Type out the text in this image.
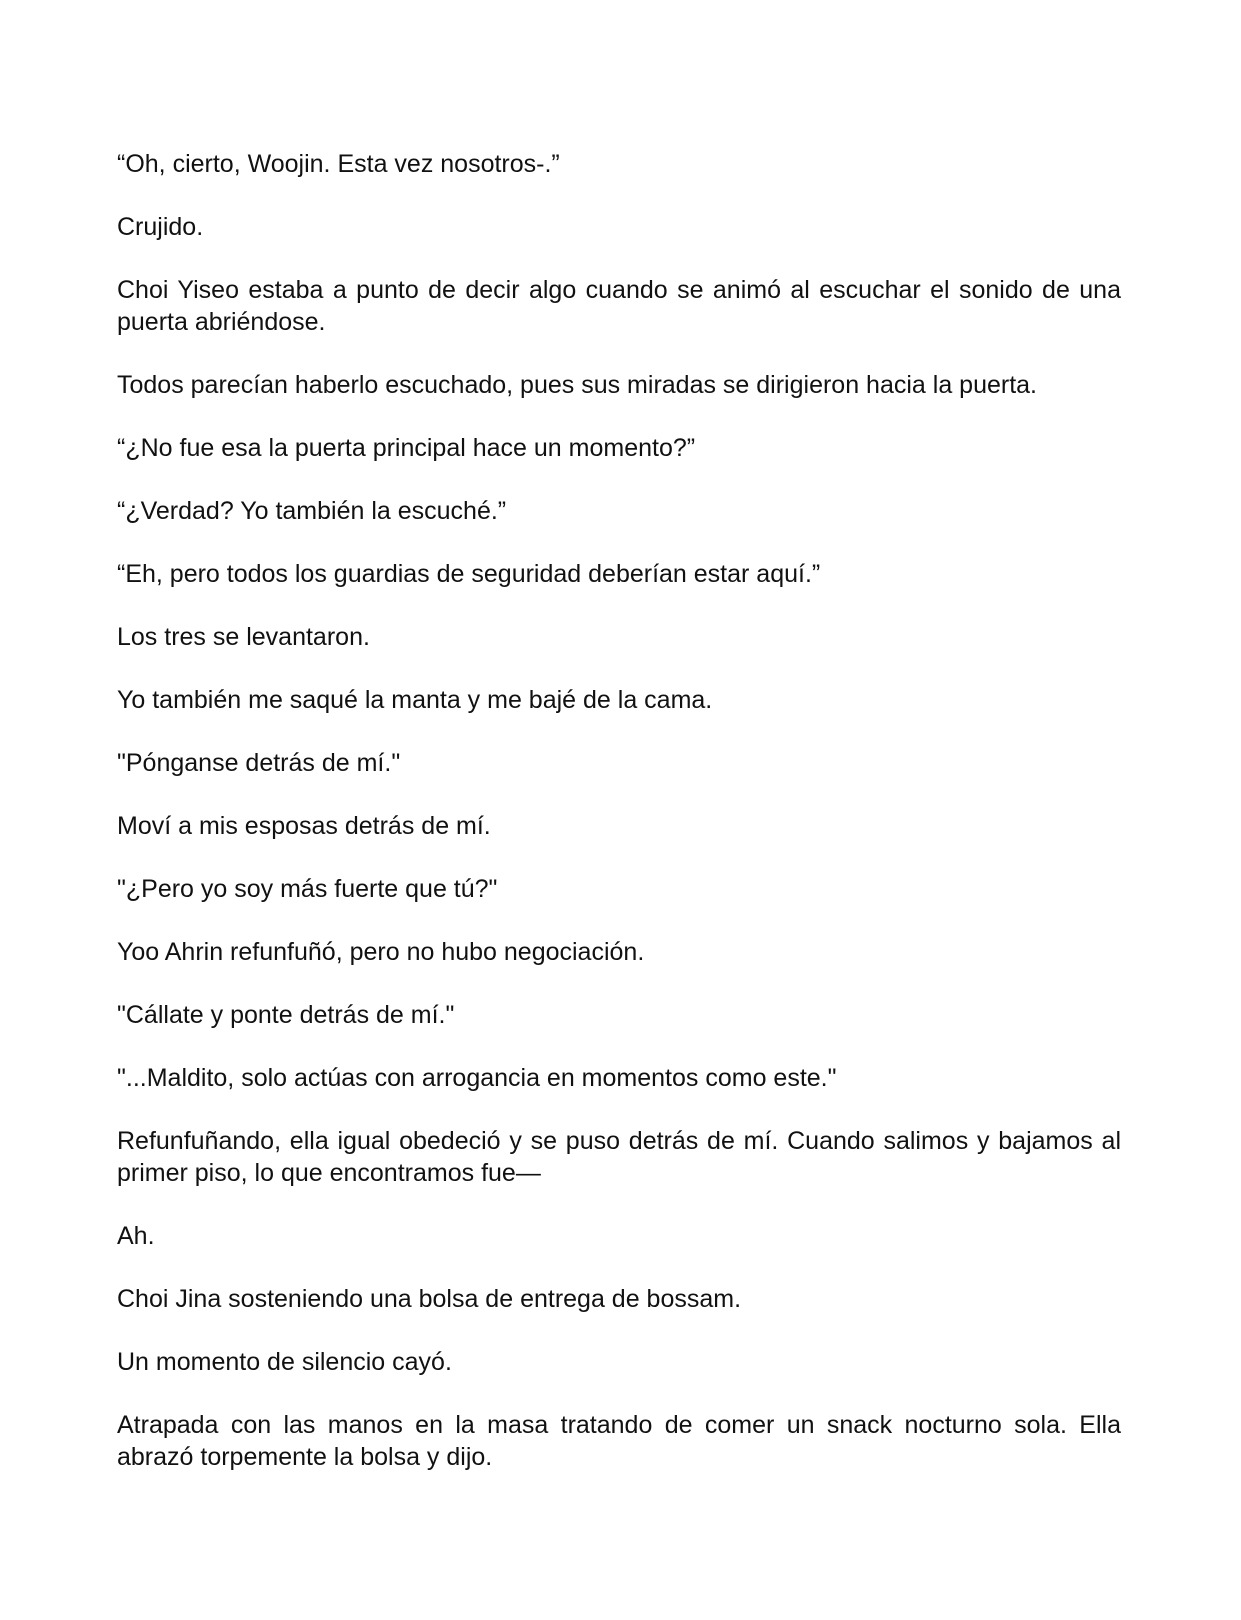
“Oh, cierto, Woojin. Esta vez nosotros-.”

Crujido.

Choi Yiseo estaba a punto de decir algo cuando se animó al escuchar el sonido de una puerta abriéndose.

Todos parecían haberlo escuchado, pues sus miradas se dirigieron hacia la puerta.

“¿No fue esa la puerta principal hace un momento?”

“¿Verdad? Yo también la escuché.”

“Eh, pero todos los guardias de seguridad deberían estar aquí.”

Los tres se levantaron.

Yo también me saqué la manta y me bajé de la cama.

"Pónganse detrás de mí."

Moví a mis esposas detrás de mí.

"¿Pero yo soy más fuerte que tú?"

Yoo Ahrin refunfuñó, pero no hubo negociación.

"Cállate y ponte detrás de mí."

"...Maldito, solo actúas con arrogancia en momentos como este."

Refunfuñando, ella igual obedeció y se puso detrás de mí. Cuando salimos y bajamos al primer piso, lo que encontramos fue—

Ah.

Choi Jina sosteniendo una bolsa de entrega de bossam.

Un momento de silencio cayó.

Atrapada con las manos en la masa tratando de comer un snack nocturno sola. Ella abrazó torpemente la bolsa y dijo.
